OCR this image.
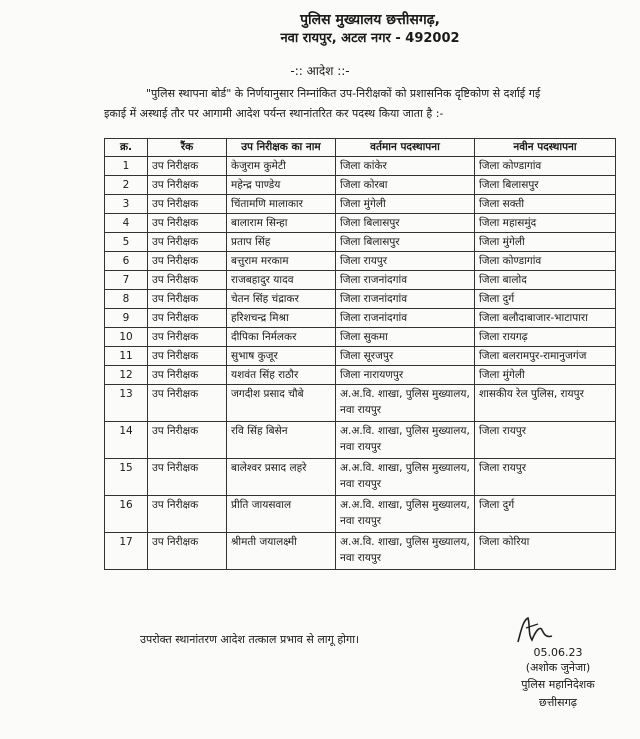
पुलिस मुख्यालय छत्तीसगढ़,
नवा रायपुर, अटल नगर - 492002
-:: आदेश ::-
"पुलिस स्थापना बोर्ड" के निर्णयानुसार निम्नांकित उप-निरीक्षकों को प्रशासनिक दृष्टिकोण से दर्शाई गई
इकाई में अस्थाई तौर पर आगामी आदेश पर्यन्त स्थानांतरित कर पदस्थ किया जाता है :-
क्र.	रैंक	उप निरीक्षक का नाम	वर्तमान पदस्थापना	नवीन पदस्थापना
1	उप निरीक्षक	केजुराम कुमेटी	जिला कांकेर	जिला कोण्डागांव
2	उप निरीक्षक	महेन्द्र पाण्डेय	जिला कोरबा	जिला बिलासपुर
3	उप निरीक्षक	चिंतामणि मालाकार	जिला मुंगेली	जिला सक्ती
4	उप निरीक्षक	बालाराम सिन्हा	जिला बिलासपुर	जिला महासमुंद
5	उप निरीक्षक	प्रताप सिंह	जिला बिलासपुर	जिला मुंगेली
6	उप निरीक्षक	बत्तुराम मरकाम	जिला रायपुर	जिला कोण्डागांव
7	उप निरीक्षक	राजबहादुर यादव	जिला राजनांदगांव	जिला बालोद
8	उप निरीक्षक	चेतन सिंह चंद्राकर	जिला राजनांदगांव	जिला दुर्ग
9	उप निरीक्षक	हरिशचन्द्र मिश्रा	जिला राजनांदगांव	जिला बलौदाबाजार-भाटापारा
10	उप निरीक्षक	दीपिका निर्मलकर	जिला सुकमा	जिला रायगढ़
11	उप निरीक्षक	सुभाष कुजूर	जिला सूरजपुर	जिला बलरामपुर-रामानुजगंज
12	उप निरीक्षक	यशवंत सिंह राठौर	जिला नारायणपुर	जिला मुंगेली
13	उप निरीक्षक	जगदीश प्रसाद चौबे	अ.अ.वि. शाखा, पुलिस मुख्यालय, नवा रायपुर	शासकीय रेल पुलिस, रायपुर
14	उप निरीक्षक	रवि सिंह बिसेन	अ.अ.वि. शाखा, पुलिस मुख्यालय, नवा रायपुर	जिला रायपुर
15	उप निरीक्षक	बालेश्वर प्रसाद लहरे	अ.अ.वि. शाखा, पुलिस मुख्यालय, नवा रायपुर	जिला रायपुर
16	उप निरीक्षक	प्रीति जायसवाल	अ.अ.वि. शाखा, पुलिस मुख्यालय, नवा रायपुर	जिला दुर्ग
17	उप निरीक्षक	श्रीमती जयालक्ष्मी	अ.अ.वि. शाखा, पुलिस मुख्यालय, नवा रायपुर	जिला कोरिया
उपरोक्त स्थानांतरण आदेश तत्काल प्रभाव से लागू होगा।
05.06.23
(अशोक जुनेजा)
पुलिस महानिदेशक
छत्तीसगढ़
